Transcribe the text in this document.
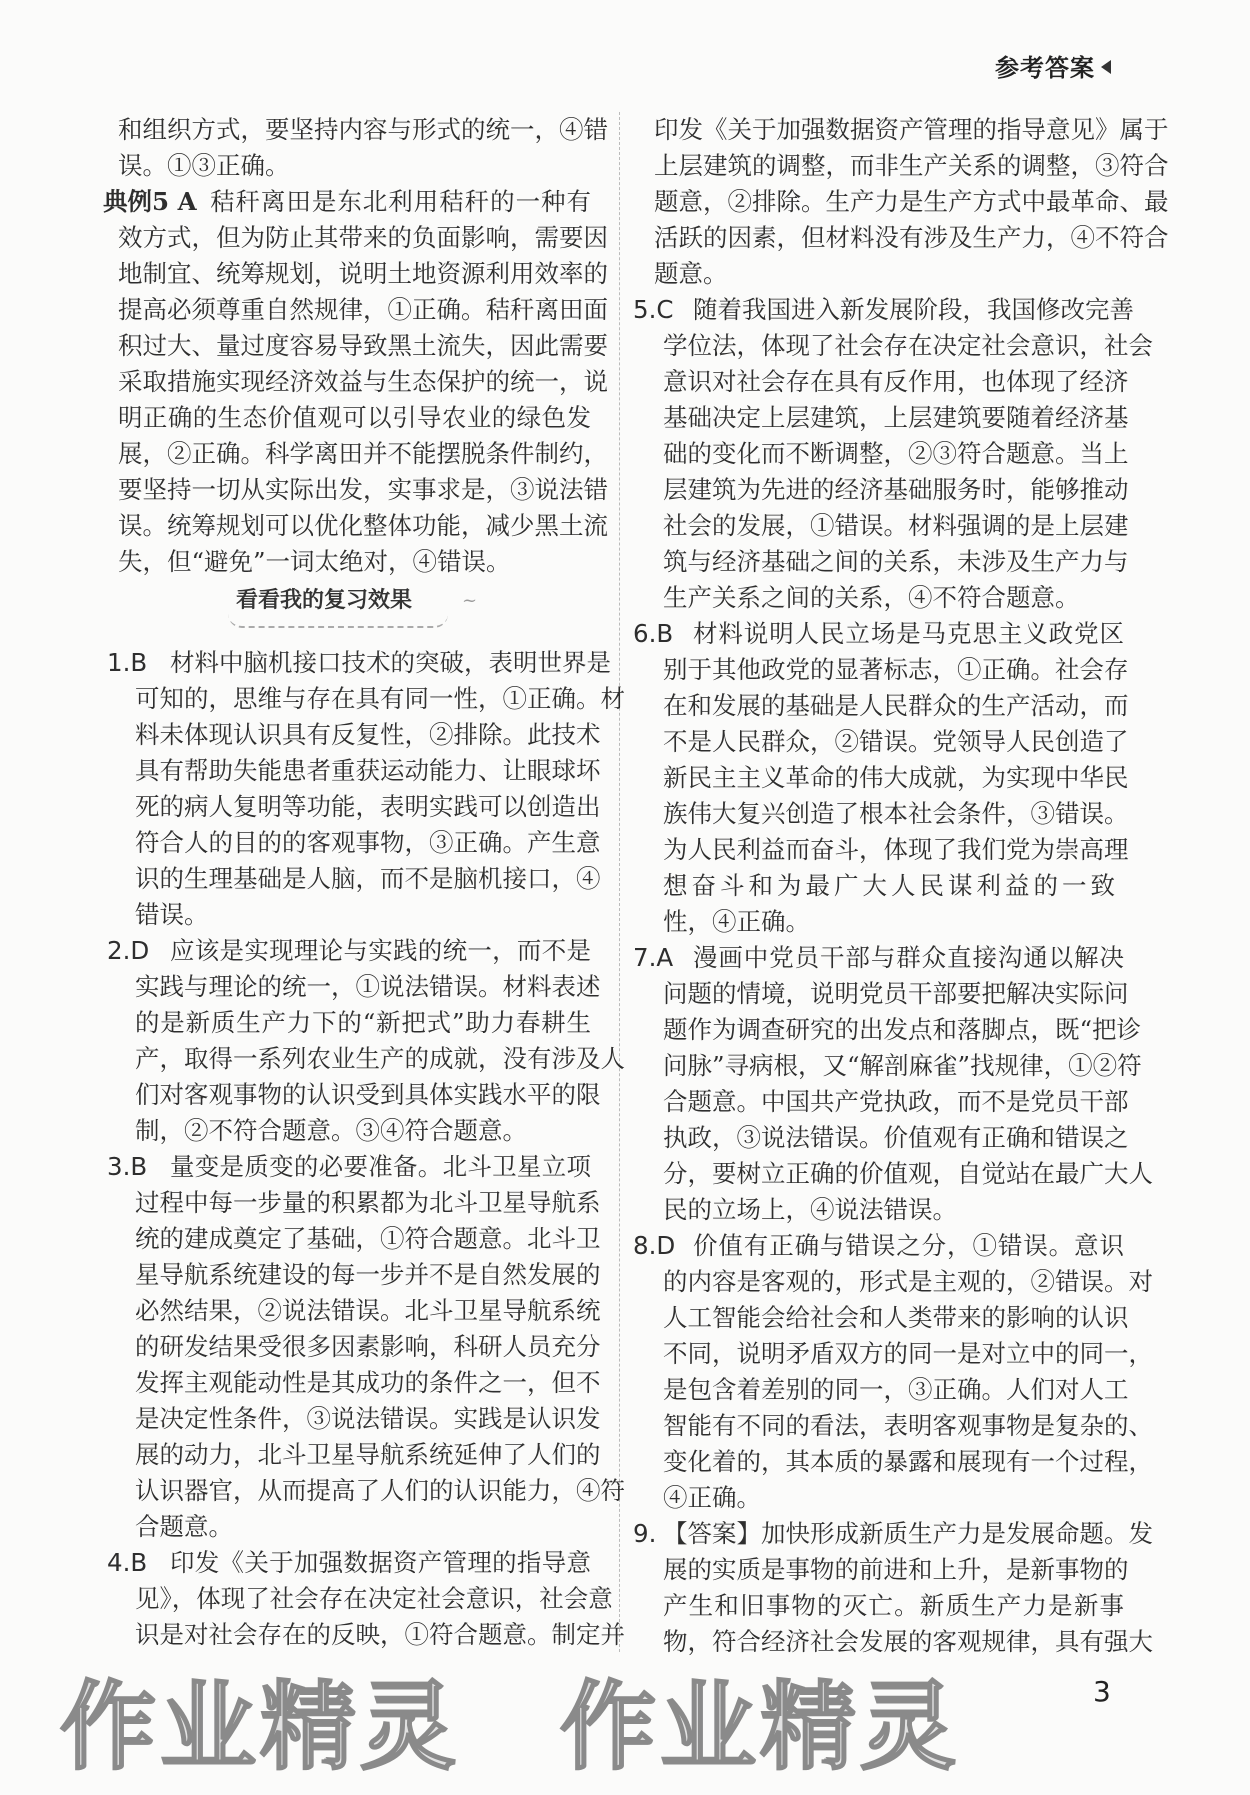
参考答案
和组织方式，要坚持内容与形式的统一，④错
误。①③正确。
典例5 A 秸秆离田是东北利用秸秆的一种有
效方式，但为防止其带来的负面影响，需要因
地制宜、统筹规划，说明土地资源利用效率的
提高必须尊重自然规律，①正确。秸秆离田面
积过大、量过度容易导致黑土流失，因此需要
采取措施实现经济效益与生态保护的统一，说
明正确的生态价值观可以引导农业的绿色发
展，②正确。科学离田并不能摆脱条件制约，
要坚持一切从实际出发，实事求是，③说法错
误。统筹规划可以优化整体功能，减少黑土流
失，但“避免”一词太绝对，④错误。
看看我的复习效果	~
1.B 材料中脑机接口技术的突破，表明世界是
可知的，思维与存在具有同一性，①正确。材
料未体现认识具有反复性，②排除。此技术
具有帮助失能患者重获运动能力、让眼球坏
死的病人复明等功能，表明实践可以创造出
符合人的目的的客观事物，③正确。产生意
识的生理基础是人脑，而不是脑机接口，④
错误。
2.D 应该是实现理论与实践的统一，而不是
实践与理论的统一，①说法错误。材料表述
的是新质生产力下的“新把式”助力春耕生
产，取得一系列农业生产的成就，没有涉及人
们对客观事物的认识受到具体实践水平的限
制，②不符合题意。③④符合题意。
3.B 量变是质变的必要准备。北斗卫星立项
过程中每一步量的积累都为北斗卫星导航系
统的建成奠定了基础，①符合题意。北斗卫
星导航系统建设的每一步并不是自然发展的
必然结果，②说法错误。北斗卫星导航系统
的研发结果受很多因素影响，科研人员充分
发挥主观能动性是其成功的条件之一，但不
是决定性条件，③说法错误。实践是认识发
展的动力，北斗卫星导航系统延伸了人们的
认识器官，从而提高了人们的认识能力，④符
合题意。
4.B 印发《关于加强数据资产管理的指导意
见》，体现了社会存在决定社会意识，社会意
识是对社会存在的反映，①符合题意。制定并
印发《关于加强数据资产管理的指导意见》属于
上层建筑的调整，而非生产关系的调整，③符合
题意，②排除。生产力是生产方式中最革命、最
活跃的因素，但材料没有涉及生产力，④不符合
题意。
5.C 随着我国进入新发展阶段，我国修改完善
学位法，体现了社会存在决定社会意识，社会
意识对社会存在具有反作用，也体现了经济
基础决定上层建筑，上层建筑要随着经济基
础的变化而不断调整，②③符合题意。当上
层建筑为先进的经济基础服务时，能够推动
社会的发展，①错误。材料强调的是上层建
筑与经济基础之间的关系，未涉及生产力与
生产关系之间的关系，④不符合题意。
6.B 材料说明人民立场是马克思主义政党区
别于其他政党的显著标志，①正确。社会存
在和发展的基础是人民群众的生产活动，而
不是人民群众，②错误。党领导人民创造了
新民主主义革命的伟大成就，为实现中华民
族伟大复兴创造了根本社会条件，③错误。
为人民利益而奋斗，体现了我们党为崇高理
想奋斗和为最广大人民谋利益的一致
性，④正确。
7.A 漫画中党员干部与群众直接沟通以解决
问题的情境，说明党员干部要把解决实际问
题作为调查研究的出发点和落脚点，既“把诊
问脉”寻病根，又“解剖麻雀”找规律，①②符
合题意。中国共产党执政，而不是党员干部
执政，③说法错误。价值观有正确和错误之
分，要树立正确的价值观，自觉站在最广大人
民的立场上，④说法错误。
8.D 价值有正确与错误之分，①错误。意识
的内容是客观的，形式是主观的，②错误。对
人工智能会给社会和人类带来的影响的认识
不同，说明矛盾双方的同一是对立中的同一，
是包含着差别的同一，③正确。人们对人工
智能有不同的看法，表明客观事物是复杂的、
变化着的，其本质的暴露和展现有一个过程，
④正确。
9. 【答案】加快形成新质生产力是发展命题。发
展的实质是事物的前进和上升，是新事物的
产生和旧事物的灭亡。新质生产力是新事
物，符合经济社会发展的客观规律，具有强大
3
作业精灵 作业精灵
